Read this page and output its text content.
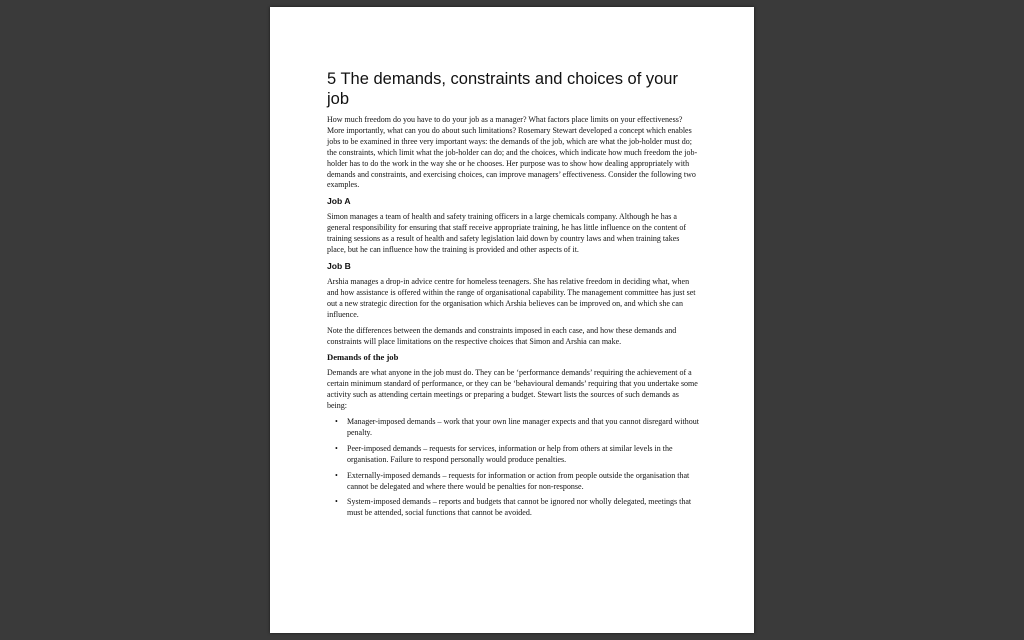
5 The demands, constraints and choices of your job

How much freedom do you have to do your job as a manager? What factors place limits on your effectiveness? More importantly, what can you do about such limitations? Rosemary Stewart developed a concept which enables jobs to be examined in three very important ways: the demands of the job, which are what the job-holder must do; the constraints, which limit what the job-holder can do; and the choices, which indicate how much freedom the job-holder has to do the work in the way she or he chooses. Her purpose was to show how dealing appropriately with demands and constraints, and exercising choices, can improve managers’ effectiveness. Consider the following two examples.

Job A

Simon manages a team of health and safety training officers in a large chemicals company. Although he has a general responsibility for ensuring that staff receive appropriate training, he has little influence on the content of training sessions as a result of health and safety legislation laid down by country laws and when training takes place, but he can influence how the training is provided and other aspects of it.

Job B

Arshia manages a drop-in advice centre for homeless teenagers. She has relative freedom in deciding what, when and how assistance is offered within the range of organisational capability. The management committee has just set out a new strategic direction for the organisation which Arshia believes can be improved on, and which she can influence.

Note the differences between the demands and constraints imposed in each case, and how these demands and constraints will place limitations on the respective choices that Simon and Arshia can make.

Demands of the job

Demands are what anyone in the job must do. They can be ‘performance demands’ requiring the achievement of a certain minimum standard of performance, or they can be ‘behavioural demands’ requiring that you undertake some activity such as attending certain meetings or preparing a budget. Stewart lists the sources of such demands as being:

• Manager-imposed demands – work that your own line manager expects and that you cannot disregard without penalty.
• Peer-imposed demands – requests for services, information or help from others at similar levels in the organisation. Failure to respond personally would produce penalties.
• Externally-imposed demands – requests for information or action from people outside the organisation that cannot be delegated and where there would be penalties for non-response.
• System-imposed demands – reports and budgets that cannot be ignored nor wholly delegated, meetings that must be attended, social functions that cannot be avoided.
